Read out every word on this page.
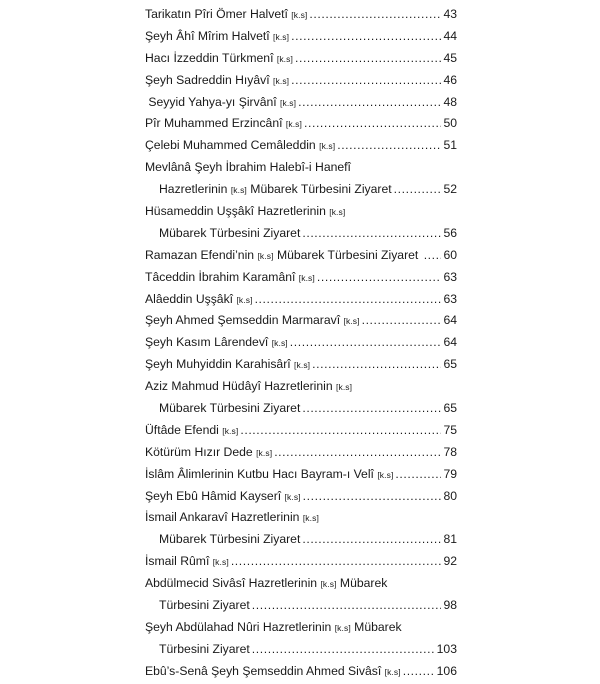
Tarikatın Pîri Ömer Halvetî [k.s] .....	43
Şeyh Âhî Mîrim Halvetî [k.s] .....	44
Hacı İzzeddin Türkmenî [k.s] .....	45
Şeyh Sadreddin Hıyâvî [k.s] .....	46
Seyyid Yahya-yı Şirvânî [k.s] .....	48
Pîr Muhammed Erzincânî [k.s] .....	50
Çelebi Muhammed Cemâleddin [k.s] .....	51
Mevlânâ Şeyh İbrahim Halebî-i Hanefî
Hazretlerinin [k.s] Mübarek Türbesini Ziyaret .....	52
Hüsameddin Uşşâkî Hazretlerinin [k.s]
Mübarek Türbesini Ziyaret .....	56
Ramazan Efendi’nin [k.s] Mübarek Türbesini Ziyaret ..... 60
Tâceddin İbrahim Karamânî [k.s] .....	63
Alâeddin Uşşâkî [k.s] .....	63
Şeyh Ahmed Şemseddin Marmaravî [k.s] .....	64
Şeyh Kasım Lârendevî [k.s] .....	64
Şeyh Muhyiddin Karahisârî [k.s] .....	65
Aziz Mahmud Hüdâyî Hazretlerinin [k.s]
Mübarek Türbesini Ziyaret .....	65
Üftâde Efendi [k.s] .....	75
Kötürüm Hızır Dede [k.s] .....	78
İslâm Âlimlerinin Kutbu Hacı Bayram-ı Velî [k.s] .....	79
Şeyh Ebû Hâmid Kayserî [k.s] .....	80
İsmail Ankaravî Hazretlerinin [k.s]
Mübarek Türbesini Ziyaret .....	81
İsmail Rûmî [k.s] .....	92
Abdülmecid Sivâsî Hazretlerinin [k.s] Mübarek
Türbesini Ziyaret .....	98
Şeyh Abdülahad Nûri Hazretlerinin [k.s] Mübarek
Türbesini Ziyaret .....	103
Ebû’s-Senâ Şeyh Şemseddin Ahmed Sivâsî [k.s] .....	106
